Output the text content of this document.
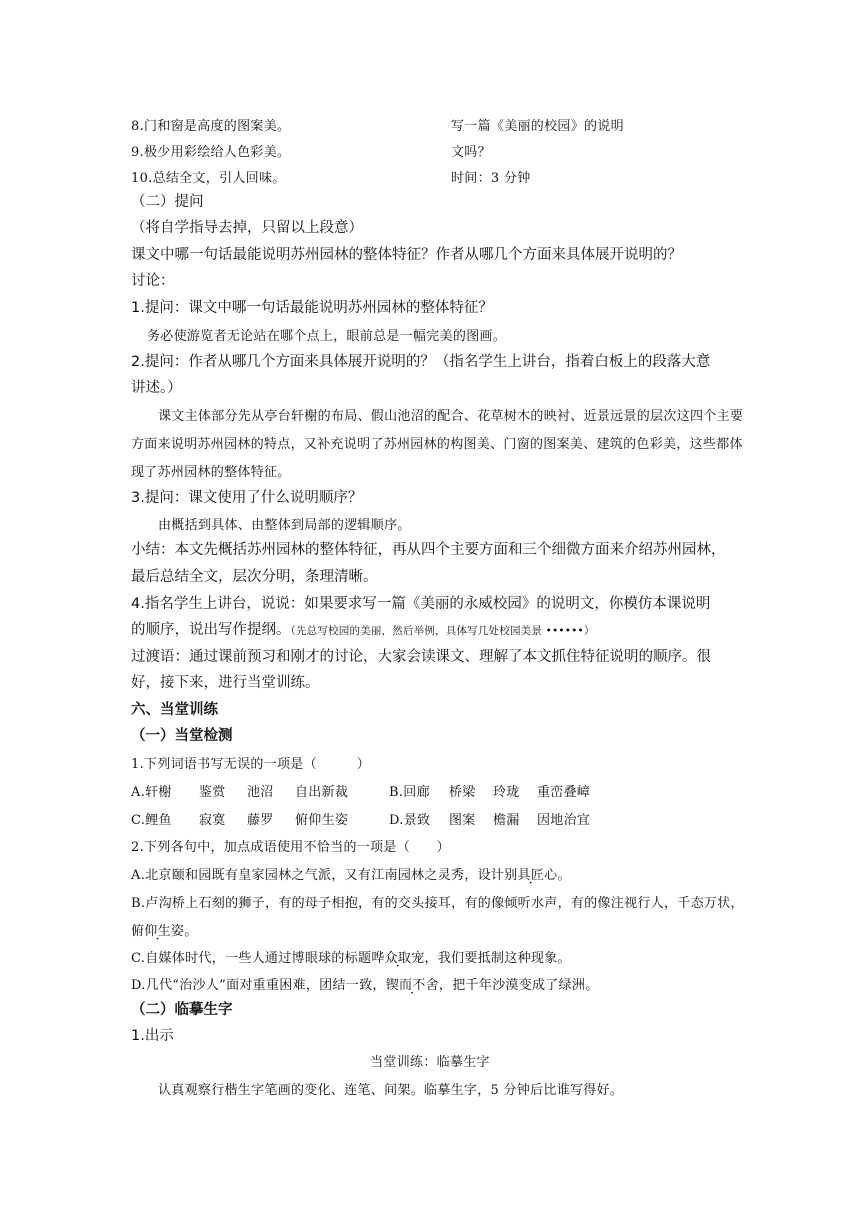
8.门和窗是高度的图案美。
9.极少用彩绘给人色彩美。
10.总结全文，引人回味。
写一篇《美丽的校园》的说明
文吗？
时间：3 分钟
（二）提问
（将自学指导去掉，只留以上段意）
课文中哪一句话最能说明苏州园林的整体特征？作者从哪几个方面来具体展开说明的？
讨论：
1.提问：课文中哪一句话最能说明苏州园林的整体特征？
务必使游览者无论站在哪个点上，眼前总是一幅完美的图画。
2.提问：作者从哪几个方面来具体展开说明的？（指名学生上讲台，指着白板上的段落大意
讲述。）
课文主体部分先从亭台轩榭的布局、假山池沼的配合、花草树木的映衬、近景远景的层次这四个主要
方面来说明苏州园林的特点，又补充说明了苏州园林的构图美、门窗的图案美、建筑的色彩美，这些都体
现了苏州园林的整体特征。
3.提问：课文使用了什么说明顺序？
由概括到具体、由整体到局部的逻辑顺序。
小结：本文先概括苏州园林的整体特征，再从四个主要方面和三个细微方面来介绍苏州园林，
最后总结全文，层次分明，条理清晰。
4.指名学生上讲台，说说：如果要求写一篇《美丽的永威校园》的说明文，你模仿本课说明
的顺序，说出写作提纲。（先总写校园的美丽，然后举例，具体写几处校园美景 ••••••）
过渡语：通过课前预习和刚才的讨论，大家会读课文、理解了本文抓住特征说明的顺序。很
好，接下来，进行当堂训练。
六、当堂训练
（一）当堂检测
1.下列词语书写无误的一项是（　　　）
A.轩榭 鉴赏 池沼 自出新裁	B.回廊 桥梁 玲珑 重峦叠嶂
C.鲤鱼 寂寞 藤罗 俯仰生姿	D.景致 图案 檐漏 因地治宜
2.下列各句中，加点成语使用不恰当的一项是（　　）
A.北京颐和园既有皇家园林之气派，又有江南园林之灵秀，设计别具匠心。
B.卢沟桥上石刻的狮子，有的母子相抱，有的交头接耳，有的像倾听水声，有的像注视行人，千态万状，
俯仰生姿。
C.自媒体时代，一些人通过博眼球的标题哗众取宠，我们要抵制这种现象。
D.几代“治沙人”面对重重困难，团结一致，锲而不舍，把千年沙漠变成了绿洲。
（二）临摹生字
1.出示
当堂训练：临摹生字
认真观察行楷生字笔画的变化、连笔、间架。临摹生字，5 分钟后比谁写得好。
